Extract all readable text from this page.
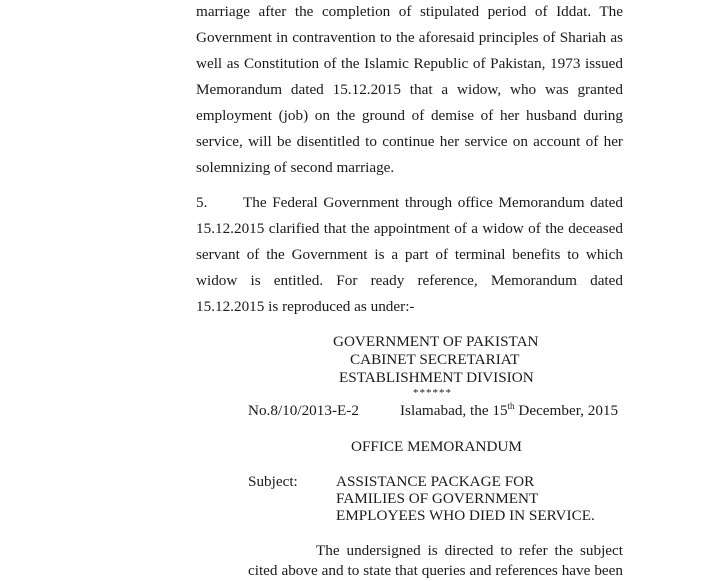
marriage after the completion of stipulated period of Iddat. The
Government in contravention to the aforesaid principles of Shariah as
well as Constitution of the Islamic Republic of Pakistan, 1973 issued
Memorandum dated 15.12.2015 that a widow, who was granted
employment (job) on the ground of demise of her husband during
service, will be disentitled to continue her service on account of her
solemnizing of second marriage.
5. The Federal Government through office Memorandum dated
15.12.2015 clarified that the appointment of a widow of the deceased
servant of the Government is a part of terminal benefits to which
widow is entitled. For ready reference, Memorandum dated
15.12.2015 is reproduced as under:-
GOVERNMENT OF PAKISTAN
CABINET SECRETARIAT
ESTABLISHMENT DIVISION
******
No.8/10/2013-E-2	Islamabad, the 15th December, 2015
OFFICE MEMORANDUM
Subject:	ASSISTANCE PACKAGE FOR
FAMILIES OF GOVERNMENT
EMPLOYEES WHO DIED IN SERVICE.
The undersigned is directed to refer the subject
cited above and to state that queries and references have been
